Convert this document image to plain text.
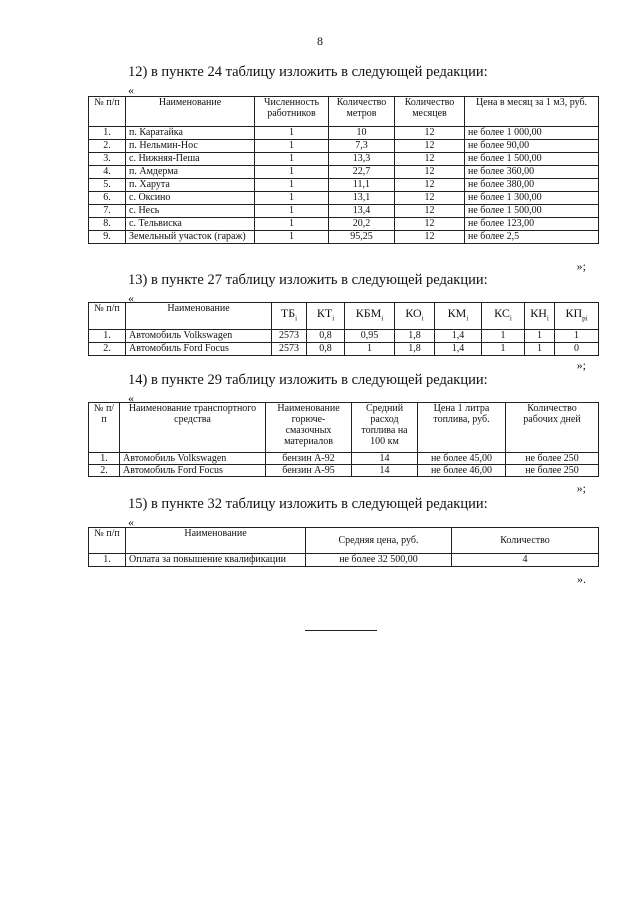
8
12) в пункте 24 таблицу изложить в следующей редакции:
«
№ п/п	Наименование	Численность работников	Количество метров	Количество месяцев	Цена в месяц за 1 м3, руб.
1.	п. Каратайка	1	10	12	не более 1 000,00
2.	п. Нельмин-Нос	1	7,3	12	не более 90,00
3.	с. Нижняя-Пеша	1	13,3	12	не более 1 500,00
4.	п. Амдерма	1	22,7	12	не более 360,00
5.	п. Харута	1	11,1	12	не более 380,00
6.	с. Оксино	1	13,1	12	не более 1 300,00
7.	с. Несь	1	13,4	12	не более 1 500,00
8.	с. Тельвиска	1	20,2	12	не более 123,00
9.	Земельный участок (гараж)	1	95,25	12	не более 2,5
»;
13) в пункте 27 таблицу изложить в следующей редакции:
«
№ п/п	Наименование	$ТБ_i$	$КТ_i$	$КБМ_i$	$КО_i$	$КМ_i$	$КС_i$	$КН_i$	$КП_{рi}$
1.	Автомобиль Volkswagen	2573	0,8	0,95	1,8	1,4	1	1	1
2.	Автомобиль Ford Focus	2573	0,8	1	1,8	1,4	1	1	0
»;
14) в пункте 29 таблицу изложить в следующей редакции:
«
№ п/п	Наименование транспортного средства	Наименование горюче-смазочных материалов	Средний расход топлива на 100 км	Цена 1 литра топлива, руб.	Количество рабочих дней
1.	Автомобиль Volkswagen	бензин А-92	14	не более 45,00	не более 250
2.	Автомобиль Ford Focus	бензин А-95	14	не более 46,00	не более 250
»;
15) в пункте 32 таблицу изложить в следующей редакции:
«
№ п/п	Наименование	Средняя цена, руб.	Количество
1.	Оплата за повышение квалификации	не более 32 500,00	4
».
